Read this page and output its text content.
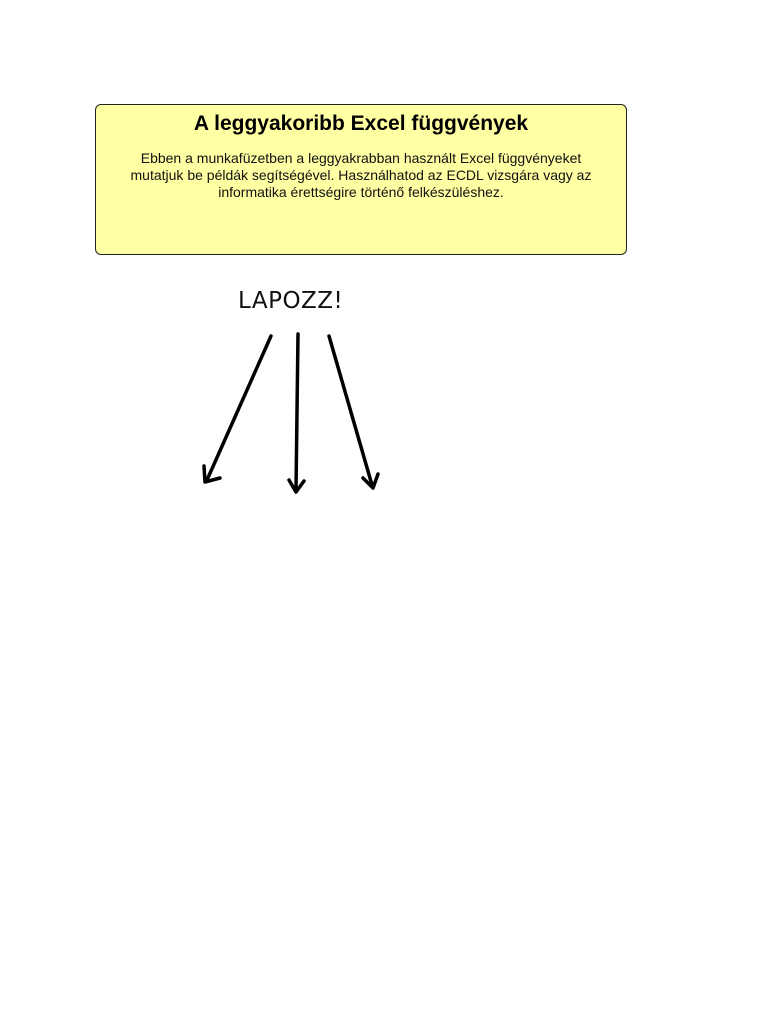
A leggyakoribb Excel függvények

Ebben a munkafüzetben a leggyakrabban használt Excel függvényeket
mutatjuk be példák segítségével. Használhatod az ECDL vizsgára vagy az
informatika érettségire történő felkészüléshez.

LAPOZZ!
